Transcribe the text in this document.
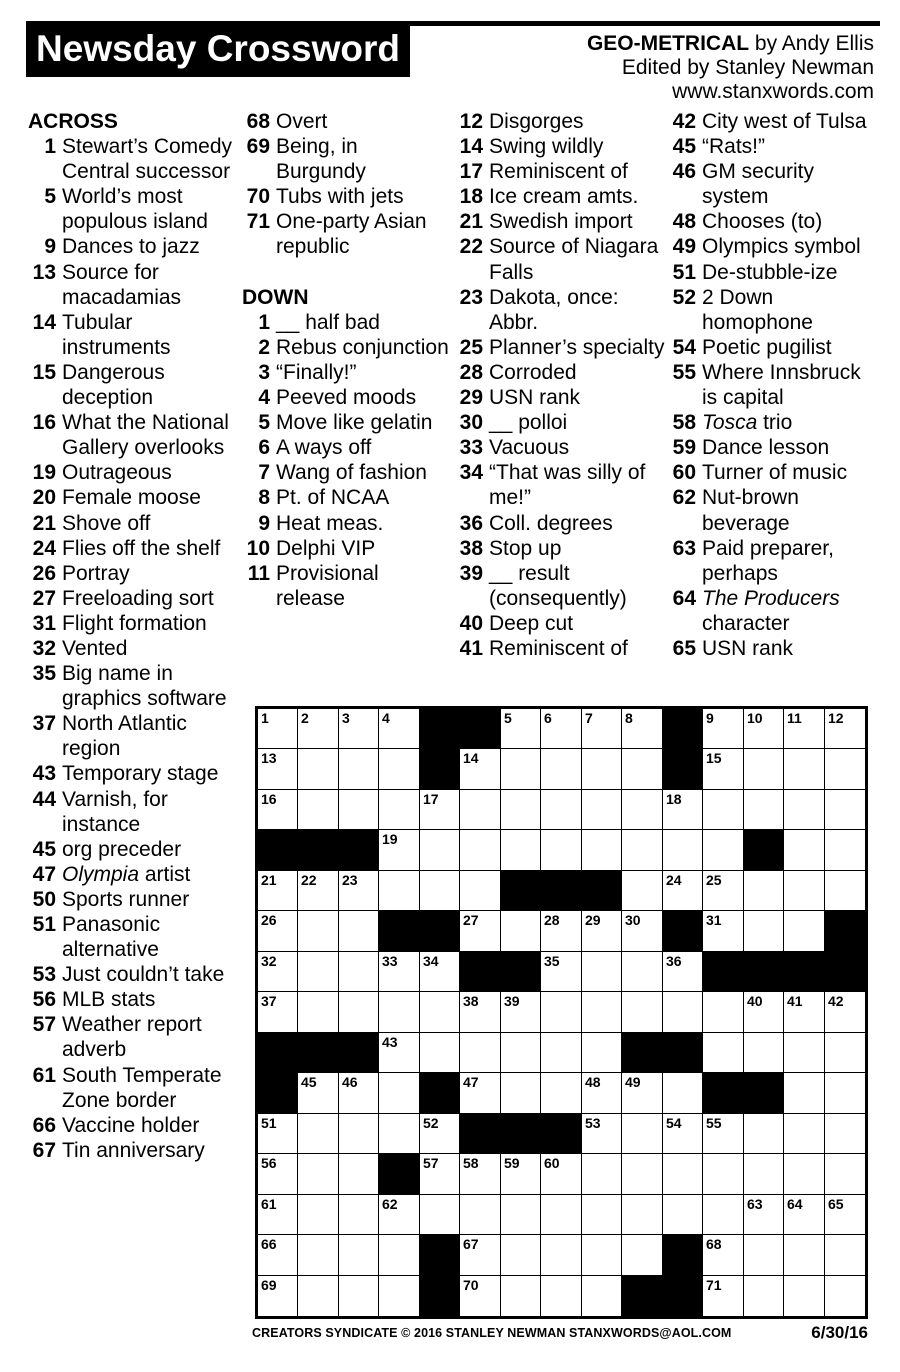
Newsday Crossword	GEO-METRICAL by Andy Ellis
Edited by Stanley Newman
www.stanxwords.com
ACROSS
1 Stewart’s Comedy Central successor
5 World’s most populous island
9 Dances to jazz
13 Source for macadamias
14 Tubular instruments
15 Dangerous deception
16 What the National Gallery overlooks
19 Outrageous
20 Female moose
21 Shove off
24 Flies off the shelf
26 Portray
27 Freeloading sort
31 Flight formation
32 Vented
35 Big name in graphics software
37 North Atlantic region
43 Temporary stage
44 Varnish, for instance
45 org preceder
47 Olympia artist
50 Sports runner
51 Panasonic alternative
53 Just couldn’t take
56 MLB stats
57 Weather report adverb
61 South Temperate Zone border
66 Vaccine holder
67 Tin anniversary
68 Overt
69 Being, in Burgundy
70 Tubs with jets
71 One-party Asian republic
DOWN
1 __ half bad
2 Rebus conjunction
3 “Finally!”
4 Peeved moods
5 Move like gelatin
6 A ways off
7 Wang of fashion
8 Pt. of NCAA
9 Heat meas.
10 Delphi VIP
11 Provisional release
12 Disgorges
14 Swing wildly
17 Reminiscent of
18 Ice cream amts.
21 Swedish import
22 Source of Niagara Falls
23 Dakota, once: Abbr.
25 Planner’s specialty
28 Corroded
29 USN rank
30 __ polloi
33 Vacuous
34 “That was silly of me!”
36 Coll. degrees
38 Stop up
39 __ result (consequently)
40 Deep cut
41 Reminiscent of
42 City west of Tulsa
45 “Rats!”
46 GM security system
48 Chooses (to)
49 Olympics symbol
51 De-stubble-ize
52 2 Down homophone
54 Poetic pugilist
55 Where Innsbruck is capital
58 Tosca trio
59 Dance lesson
60 Turner of music
62 Nut-brown beverage
63 Paid preparer, perhaps
64 The Producers character
65 USN rank
1 2 3 4	5 6 7 8	9 10 11 12
13	14	15
16	17	18
19
21 22 23	24 25
26	27	28 29 30	31
32	33 34	35	36
37	38 39	40 41 42
43
45 46	47	48 49
51	52	53	54 55
56	57 58 59 60
61	62	63 64 65
66	67	68
69	70	71
CREATORS SYNDICATE © 2016 STANLEY NEWMAN STANXWORDS@AOL.COM	6/30/16
